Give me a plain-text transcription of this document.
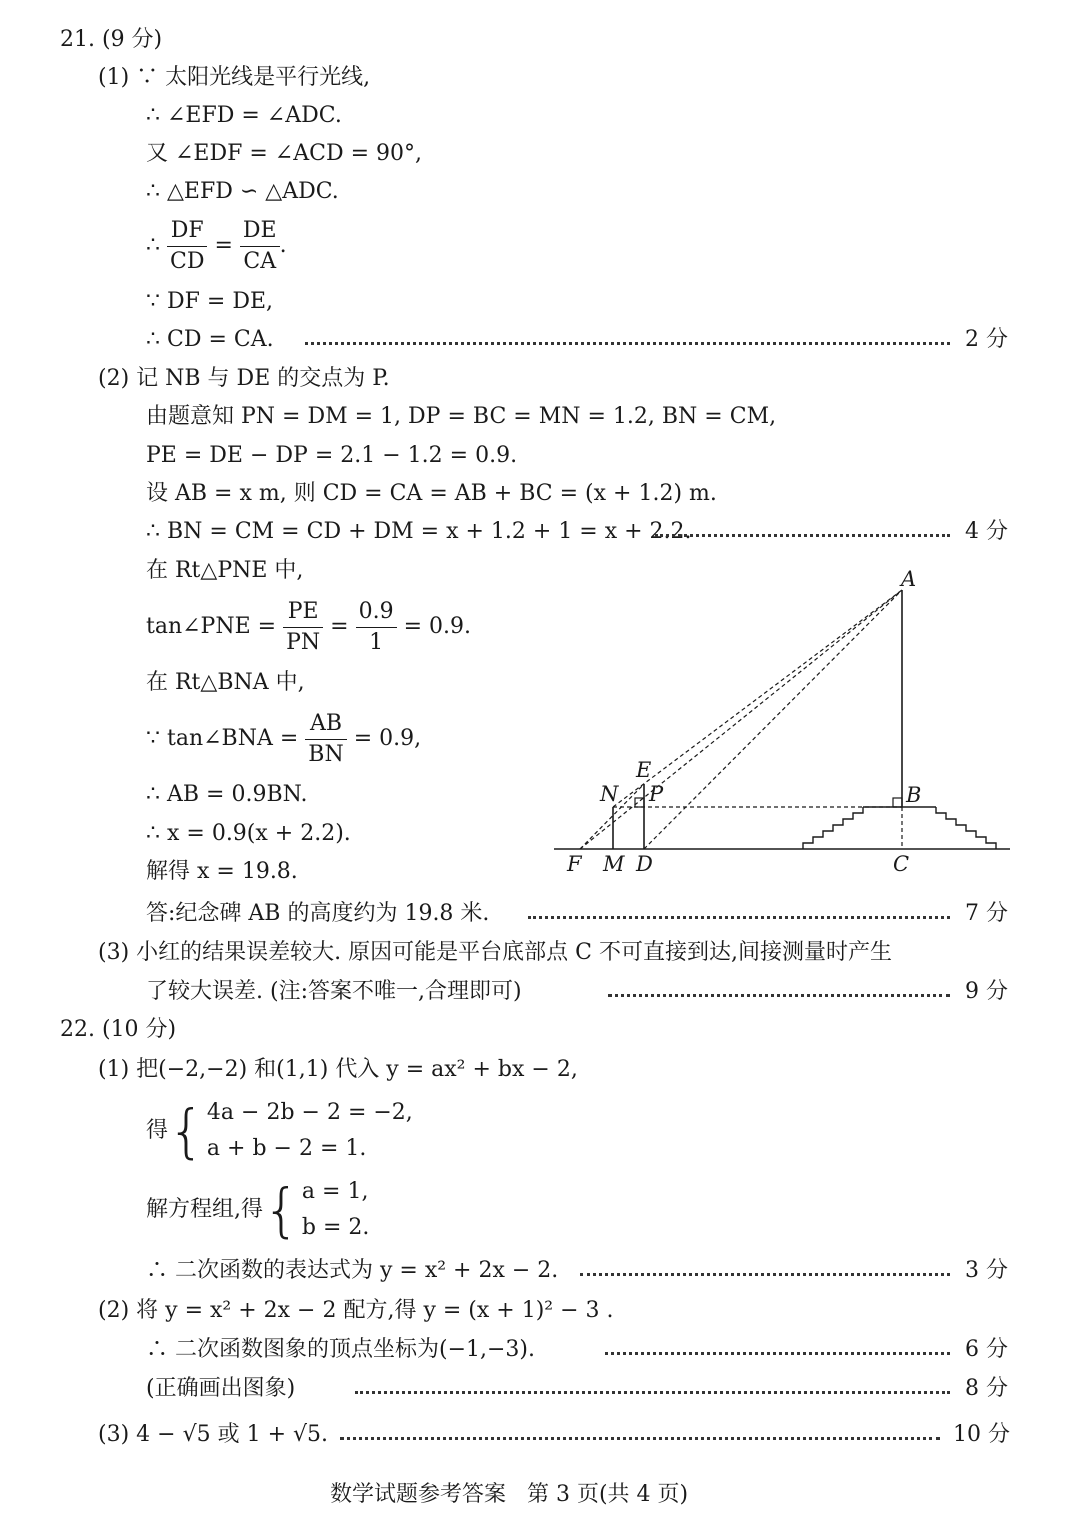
21. (9 分)
(1) ∵ 太阳光线是平行光线,
∴ ∠EFD = ∠ADC.
又 ∠EDF = ∠ACD = 90°,
∴ △EFD ∽ △ADC.
∴ $\frac{DF}{CD} = \frac{DE}{CA}$ .
∵ DF = DE,
∴ CD = CA.	2 分
(2) 记 NB 与 DE 的交点为 P.
由题意知 PN = DM = 1, DP = BC = MN = 1.2, BN = CM,
PE = DE − DP = 2.1 − 1.2 = 0.9.
设 AB = x m, 则 CD = CA = AB + BC = (x + 1.2) m.
∴ BN = CM = CD + DM = x + 1.2 + 1 = x + 2.2.	4 分
在 Rt△PNE 中,
tan∠PNE = $\frac{PE}{PN} = \frac{0.9}{1} = 0.9$.
在 Rt△BNA 中,
∵ tan∠BNA = $\frac{AB}{BN} = 0.9$,
∴ AB = 0.9BN.
∴ x = 0.9(x + 2.2).
解得 x = 19.8.
答:纪念碑 AB 的高度约为 19.8 米.	7 分
(3) 小红的结果误差较大. 原因可能是平台底部点 C 不可直接到达,间接测量时产生
了较大误差. (注:答案不唯一,合理即可)	9 分
A
B
C
D
E
F M
N P
22. (10 分)
(1) 把(−2,−2) 和(1,1) 代入 y = ax² + bx − 2,
得{ 4a − 2b − 2 = −2,
a + b − 2 = 1.
解方程组,得{ a = 1,
b = 2.
∴ 二次函数的表达式为 y = x² + 2x − 2.	3 分
(2) 将 y = x² + 2x − 2 配方,得 y = (x + 1)² − 3 .
∴ 二次函数图象的顶点坐标为(−1,−3).	6 分
(正确画出图象)	8 分
(3) 4 − √5 或 1 + √5.	10 分
数学试题参考答案   第 3 页(共 4 页)
